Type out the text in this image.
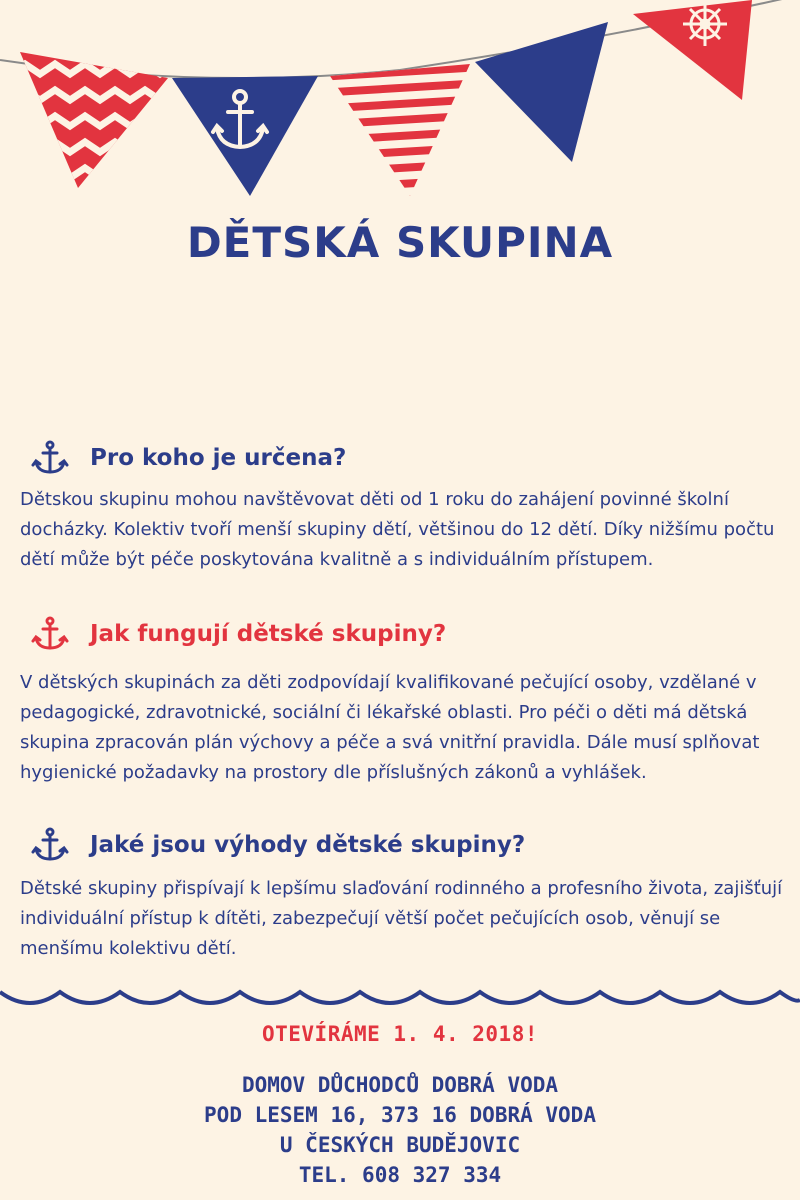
DĚTSKÁ SKUPINA
Pro koho je určena?

Dětskou skupinu mohou navštěvovat děti od 1 roku do zahájení povinné školní docházky. Kolektiv tvoří menší skupiny dětí, většinou do 12 dětí. Díky nižšímu počtu dětí může být péče poskytována kvalitně a s individuálním přístupem.

Jak fungují dětské skupiny?

V dětských skupinách za děti zodpovídají kvalifikované pečující osoby, vzdělané v pedagogické, zdravotnické, sociální či lékařské oblasti. Pro péči o děti má dětská skupina zpracován plán výchovy a péče a svá vnitřní pravidla. Dále musí splňovat hygienické požadavky na prostory dle příslušných zákonů a vyhlášek.

Jaké jsou výhody dětské skupiny?

Dětské skupiny přispívají k lepšímu slaďování rodinného a profesního života, zajišťují individuální přístup k dítěti, zabezpečují větší počet pečujících osob, věnují se menšímu kolektivu dětí.

OTEVÍRÁME 1. 4. 2018!
DOMOV DŮCHODCŮ DOBRÁ VODA
POD LESEM 16, 373 16 DOBRÁ VODA
U ČESKÝCH BUDĚJOVIC
TEL. 608 327 334
